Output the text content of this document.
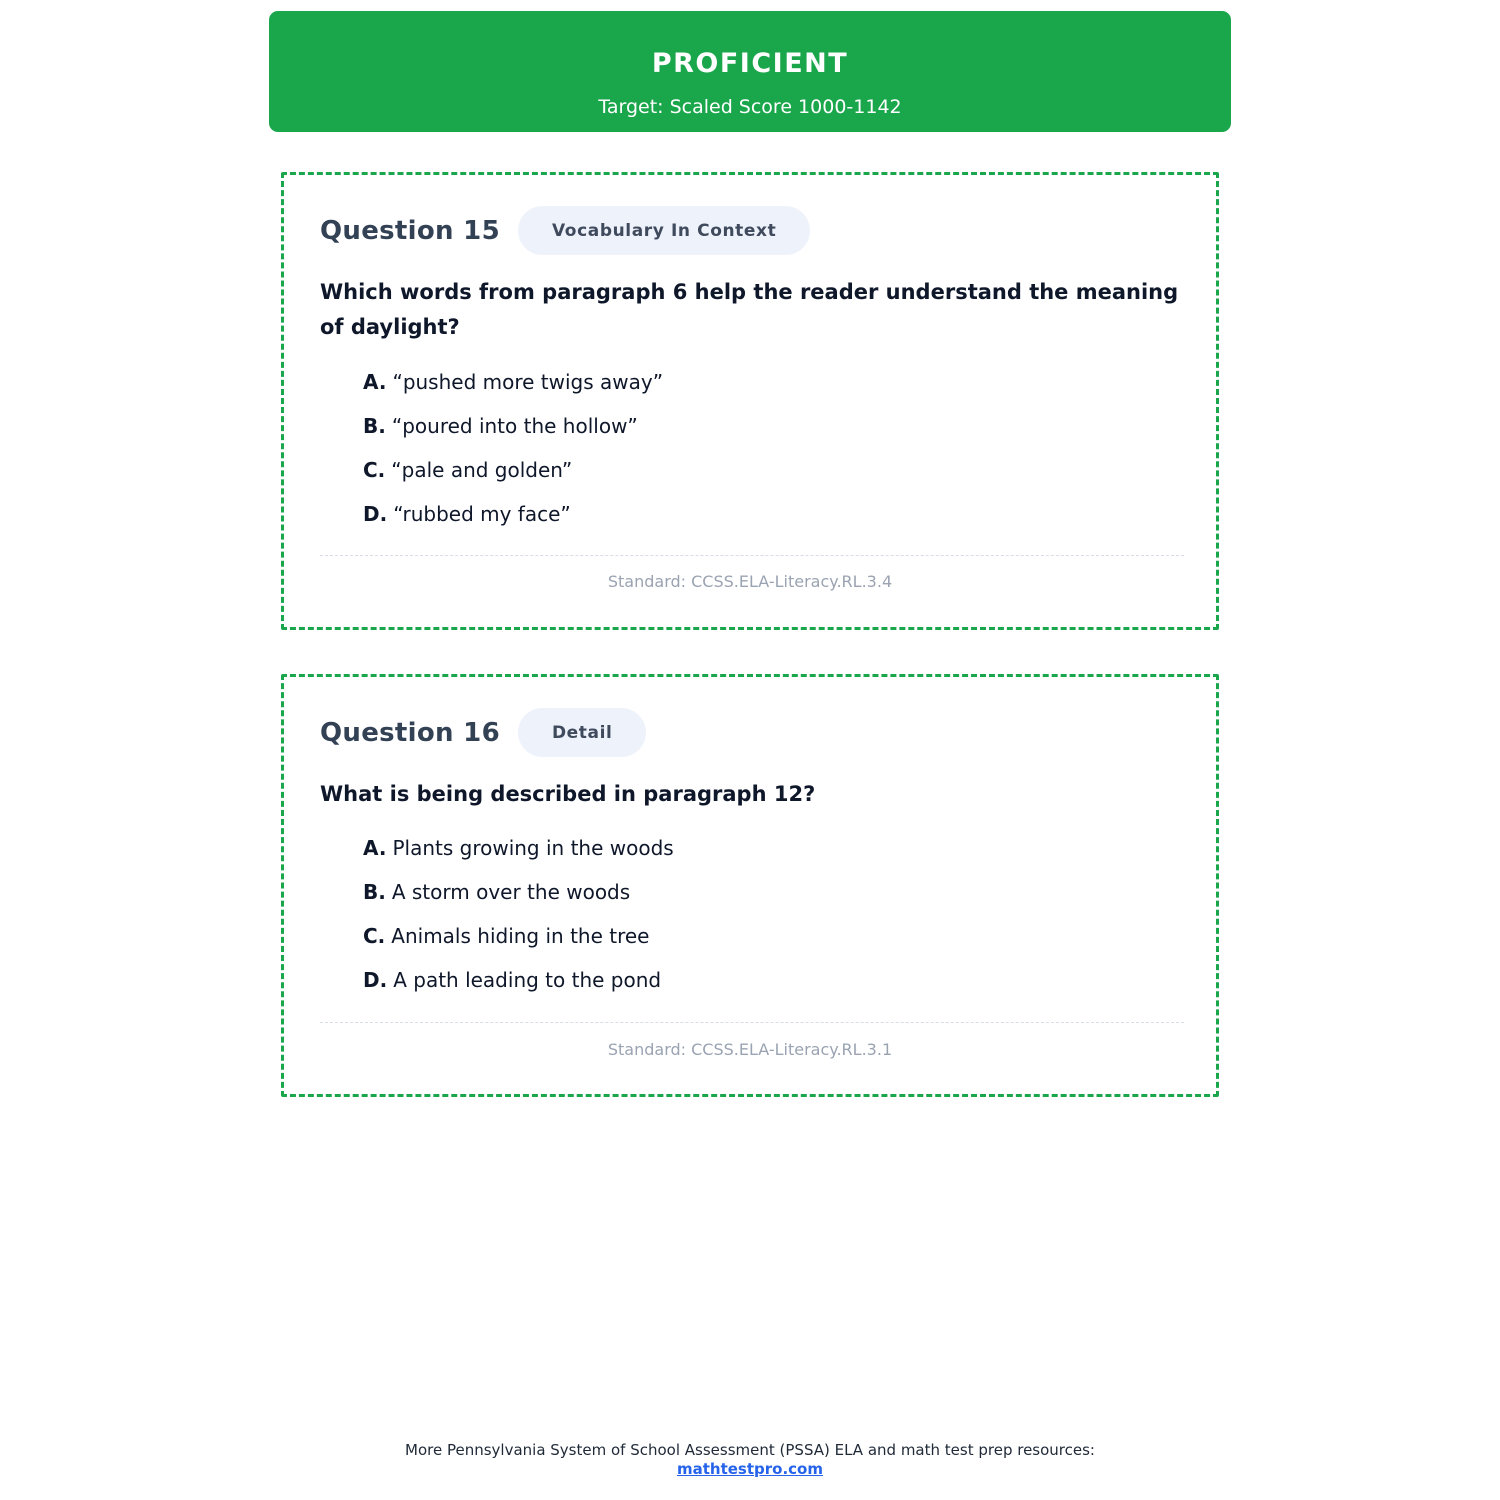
PROFICIENT
Target: Scaled Score 1000-1142
Question 15	Vocabulary In Context
Which words from paragraph 6 help the reader understand the meaning of daylight?
A. “pushed more twigs away”
B. “poured into the hollow”
C. “pale and golden”
D. “rubbed my face”
Standard: CCSS.ELA-Literacy.RL.3.4
Question 16	Detail
What is being described in paragraph 12?
A. Plants growing in the woods
B. A storm over the woods
C. Animals hiding in the tree
D. A path leading to the pond
Standard: CCSS.ELA-Literacy.RL.3.1
More Pennsylvania System of School Assessment (PSSA) ELA and math test prep resources:
mathtestpro.com
